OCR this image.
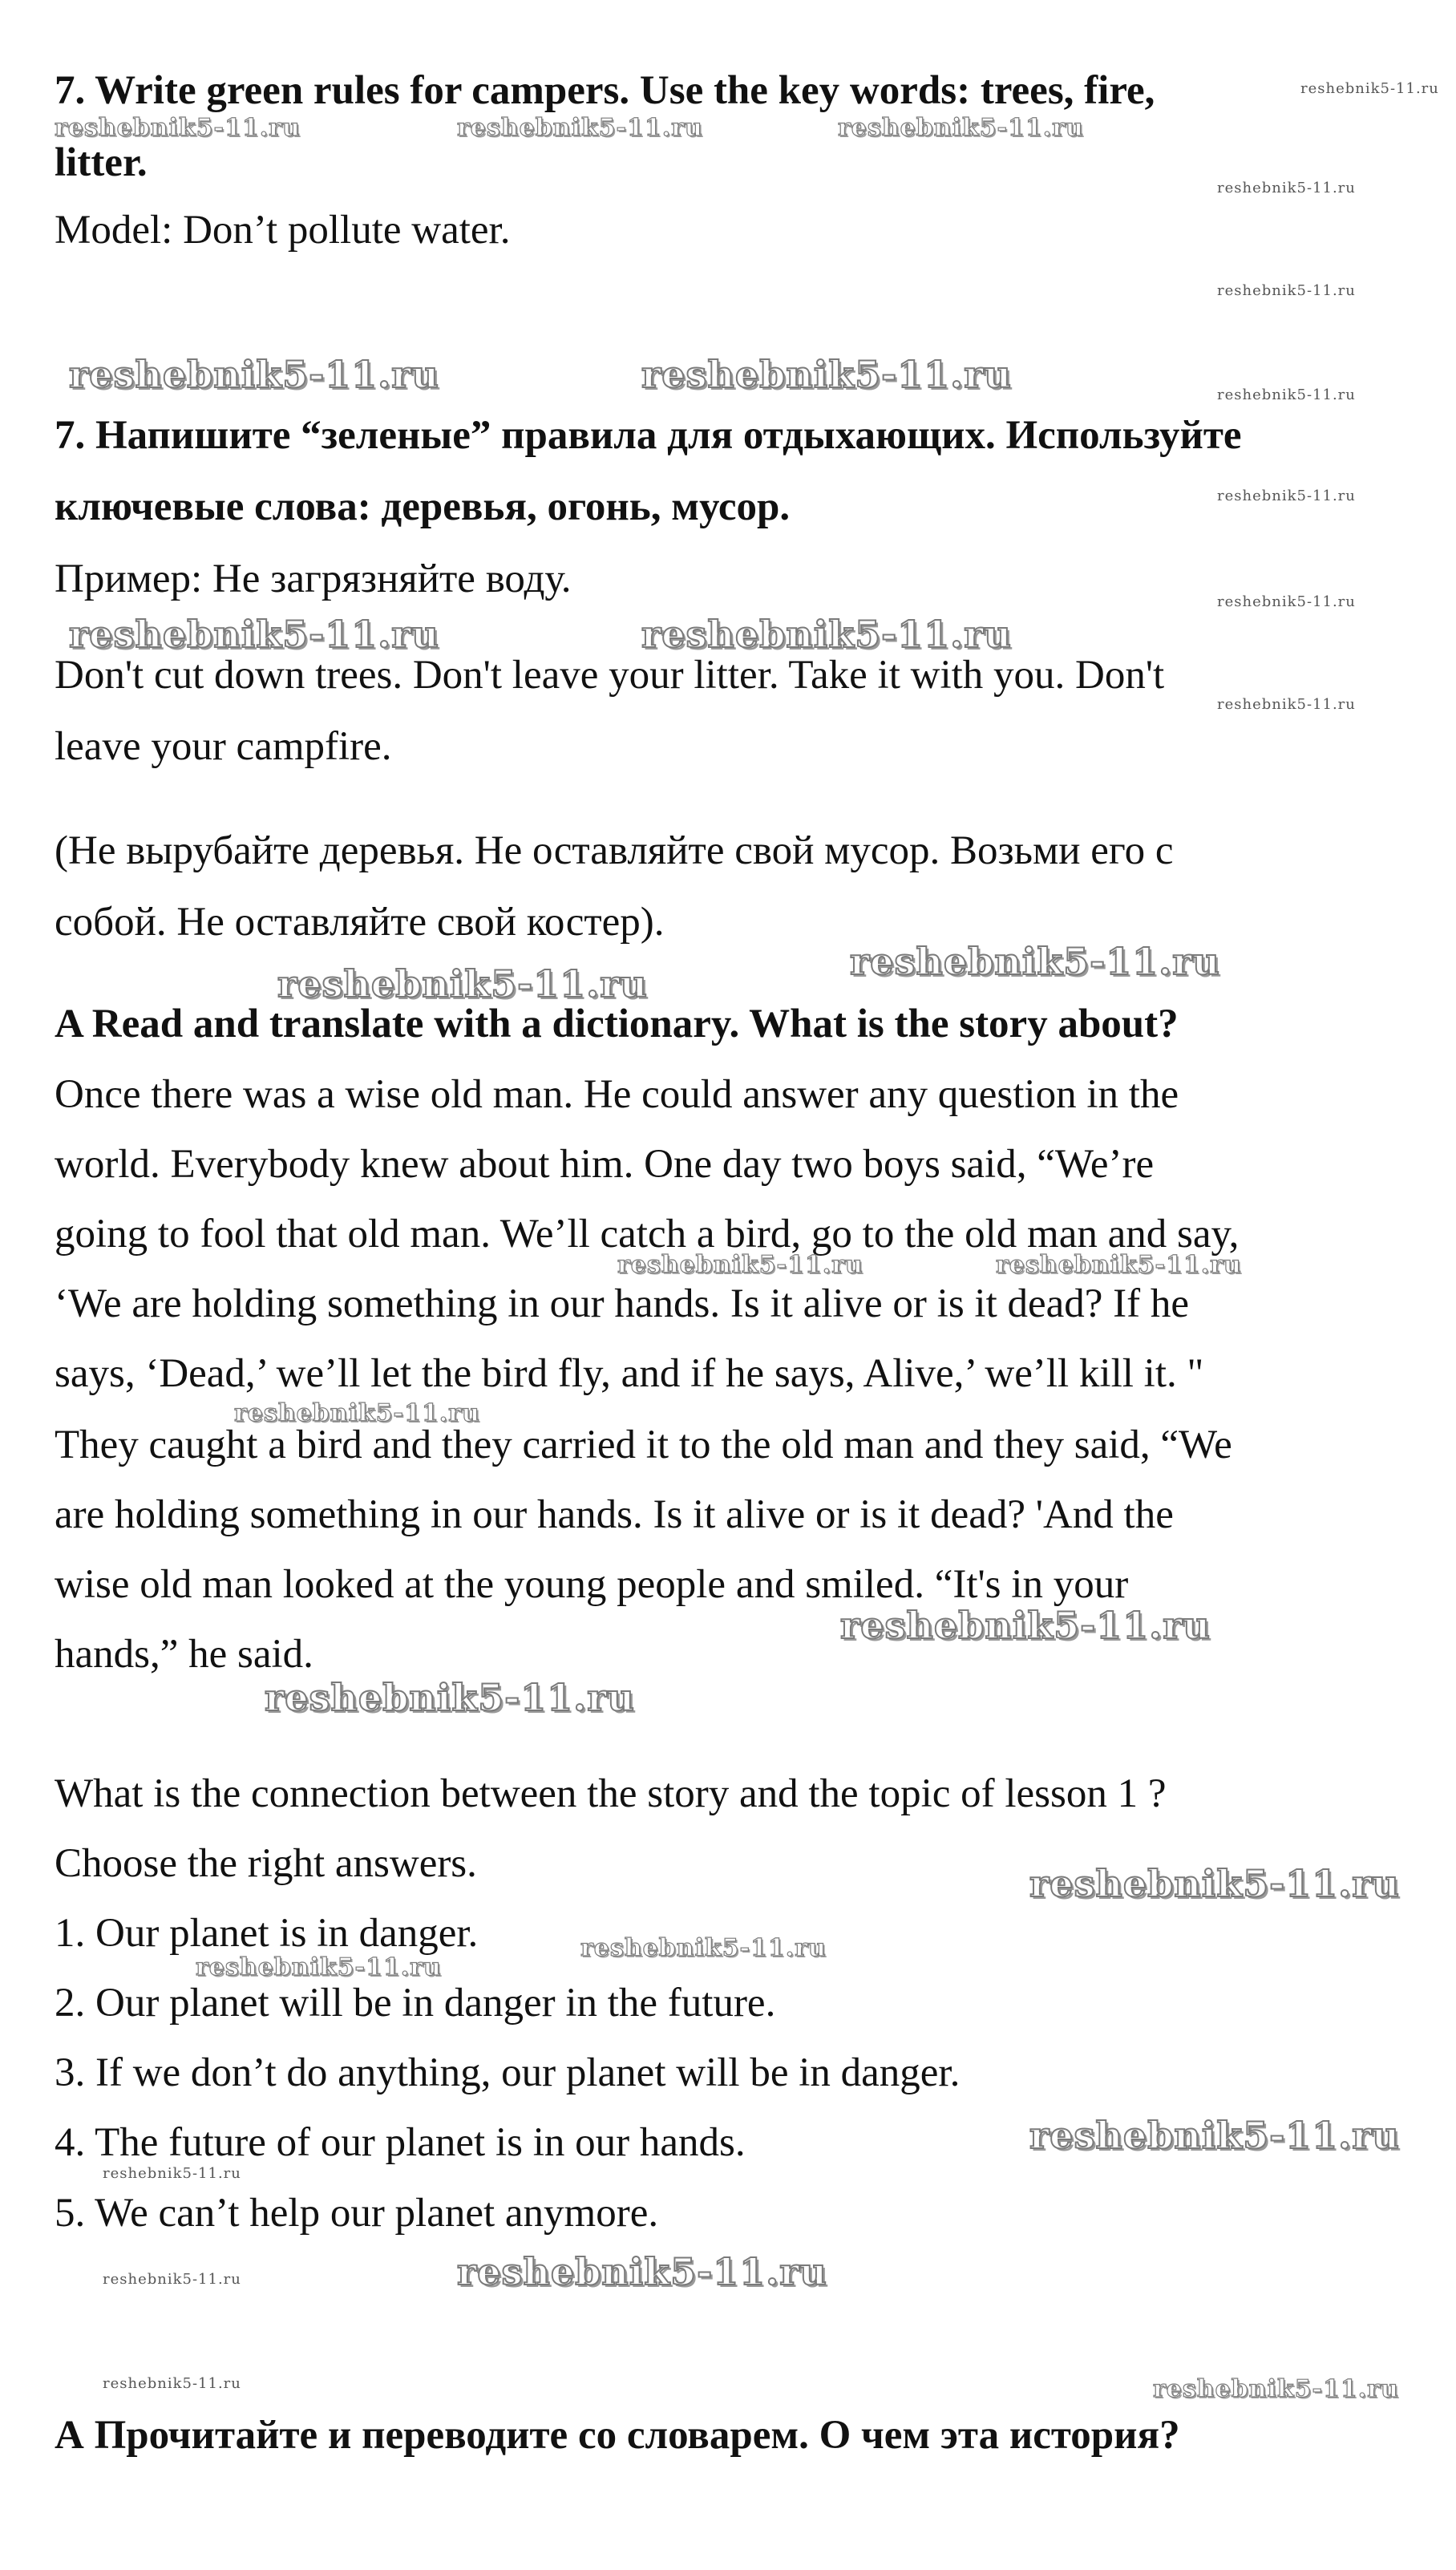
7. Write green rules for campers. Use the key words: trees, fire,
litter.
Model: Don’t pollute water.
7. Напишите “зеленые” правила для отдыхающих. Используйте
ключевые слова: деревья, огонь, мусор.
Пример: Не загрязняйте воду.
Don't cut down trees. Don't leave your litter. Take it with you. Don't
leave your campfire.
(Не вырубайте деревья. Не оставляйте свой мусор. Возьми его с
собой. Не оставляйте свой костер).
A Read and translate with a dictionary. What is the story about?
Once there was a wise old man. He could answer any question in the
world. Everybody knew about him. One day two boys said, “We’re
going to fool that old man. We’ll catch a bird, go to the old man and say,
‘We are holding something in our hands. Is it alive or is it dead? If he
says, ‘Dead,’ we’ll let the bird fly, and if he says, Alive,’ we’ll kill it. "
They caught a bird and they carried it to the old man and they said, “We
are holding something in our hands. Is it alive or is it dead? 'And the
wise old man looked at the young people and smiled. “It's in your
hands,” he said.
What is the connection between the story and the topic of lesson 1 ?
Choose the right answers.
1. Our planet is in danger.
2. Our planet will be in danger in the future.
3. If we don’t do anything, our planet will be in danger.
4. The future of our planet is in our hands.
5. We can’t help our planet anymore.
А Прочитайте и переводите со словарем. О чем эта история?
reshebnik5-11.ru	reshebnik5-11.ru	reshebnik5-11.ru
reshebnik5-11.ru
reshebnik5-11.ru
reshebnik5-11.ru
reshebnik5-11.ru	reshebnik5-11.ru	reshebnik5-11.ru
reshebnik5-11.ru
reshebnik5-11.ru
reshebnik5-11.ru	reshebnik5-11.ru
reshebnik5-11.ru
reshebnik5-11.ru
reshebnik5-11.ru
reshebnik5-11.ru	reshebnik5-11.ru
reshebnik5-11.ru
reshebnik5-11.ru
reshebnik5-11.ru
reshebnik5-11.ru
reshebnik5-11.ru
reshebnik5-11.ru
reshebnik5-11.ru
reshebnik5-11.ru
reshebnik5-11.ru
reshebnik5-11.ru
reshebnik5-11.ru	reshebnik5-11.ru
